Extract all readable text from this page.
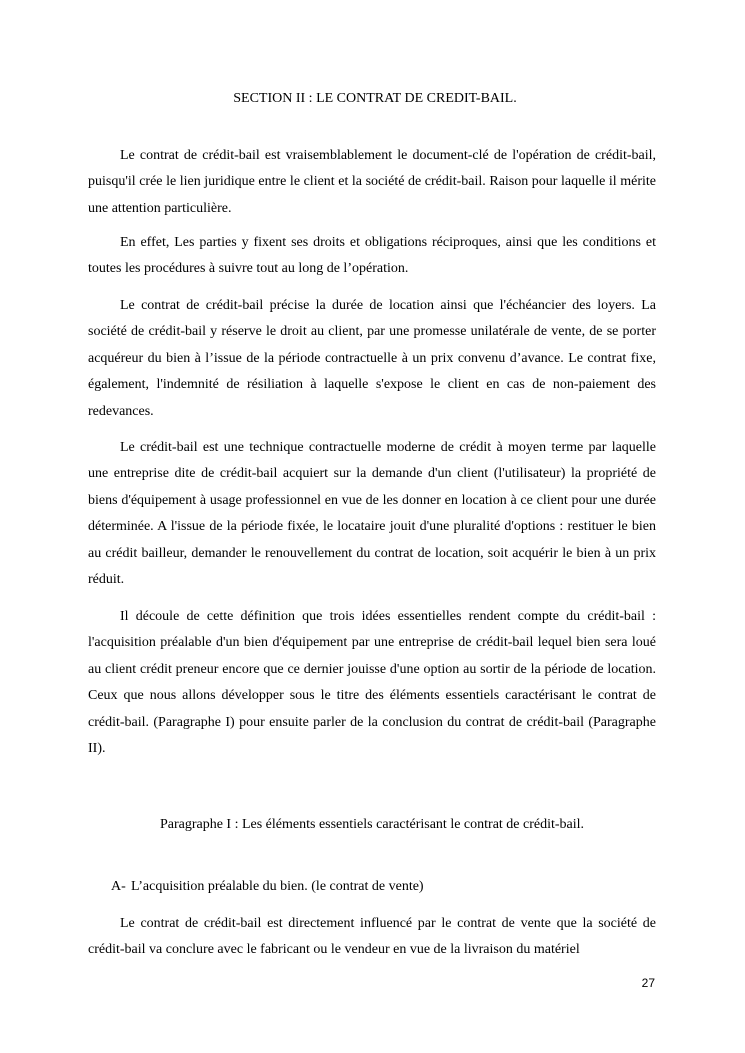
SECTION II : LE CONTRAT DE CREDIT-BAIL.

Le contrat de crédit-bail est vraisemblablement le document-clé de l'opération de crédit-bail, puisqu'il crée le lien juridique entre le client et la société de crédit-bail. Raison pour laquelle il mérite une attention particulière.

En effet, Les parties y fixent ses droits et obligations réciproques, ainsi que les conditions et toutes les procédures à suivre tout au long de l’opération.

Le contrat de crédit-bail précise la durée de location ainsi que l'échéancier des loyers. La société de crédit-bail y réserve le droit au client, par une promesse unilatérale de vente, de se porter acquéreur du bien à l’issue de la période contractuelle à un prix convenu d’avance. Le contrat fixe, également, l'indemnité de résiliation à laquelle s'expose le client en cas de non-paiement des redevances.

Le crédit-bail est une technique contractuelle moderne de crédit à moyen terme par laquelle une entreprise dite de crédit-bail acquiert sur la demande d'un client (l'utilisateur) la propriété de biens d'équipement à usage professionnel en vue de les donner en location à ce client pour une durée déterminée. A l'issue de la période fixée, le locataire jouit d'une pluralité d'options : restituer le bien au crédit bailleur, demander le renouvellement du contrat de location, soit acquérir le bien à un prix réduit.

Il découle de cette définition que trois idées essentielles rendent compte du crédit-bail : l'acquisition préalable d'un bien d'équipement par une entreprise de crédit-bail lequel bien sera loué au client crédit preneur encore que ce dernier jouisse d'une option au sortir de la période de location. Ceux que nous allons développer sous le titre des éléments essentiels caractérisant le contrat de crédit-bail. (Paragraphe I) pour ensuite parler de la conclusion du contrat de crédit-bail (Paragraphe II).

Paragraphe I : Les éléments essentiels caractérisant le contrat de crédit-bail.
A- L’acquisition préalable du bien. (le contrat de vente)

Le contrat de crédit-bail est directement influencé par le contrat de vente que la société de crédit-bail va conclure avec le fabricant ou le vendeur en vue de la livraison du matériel

27
